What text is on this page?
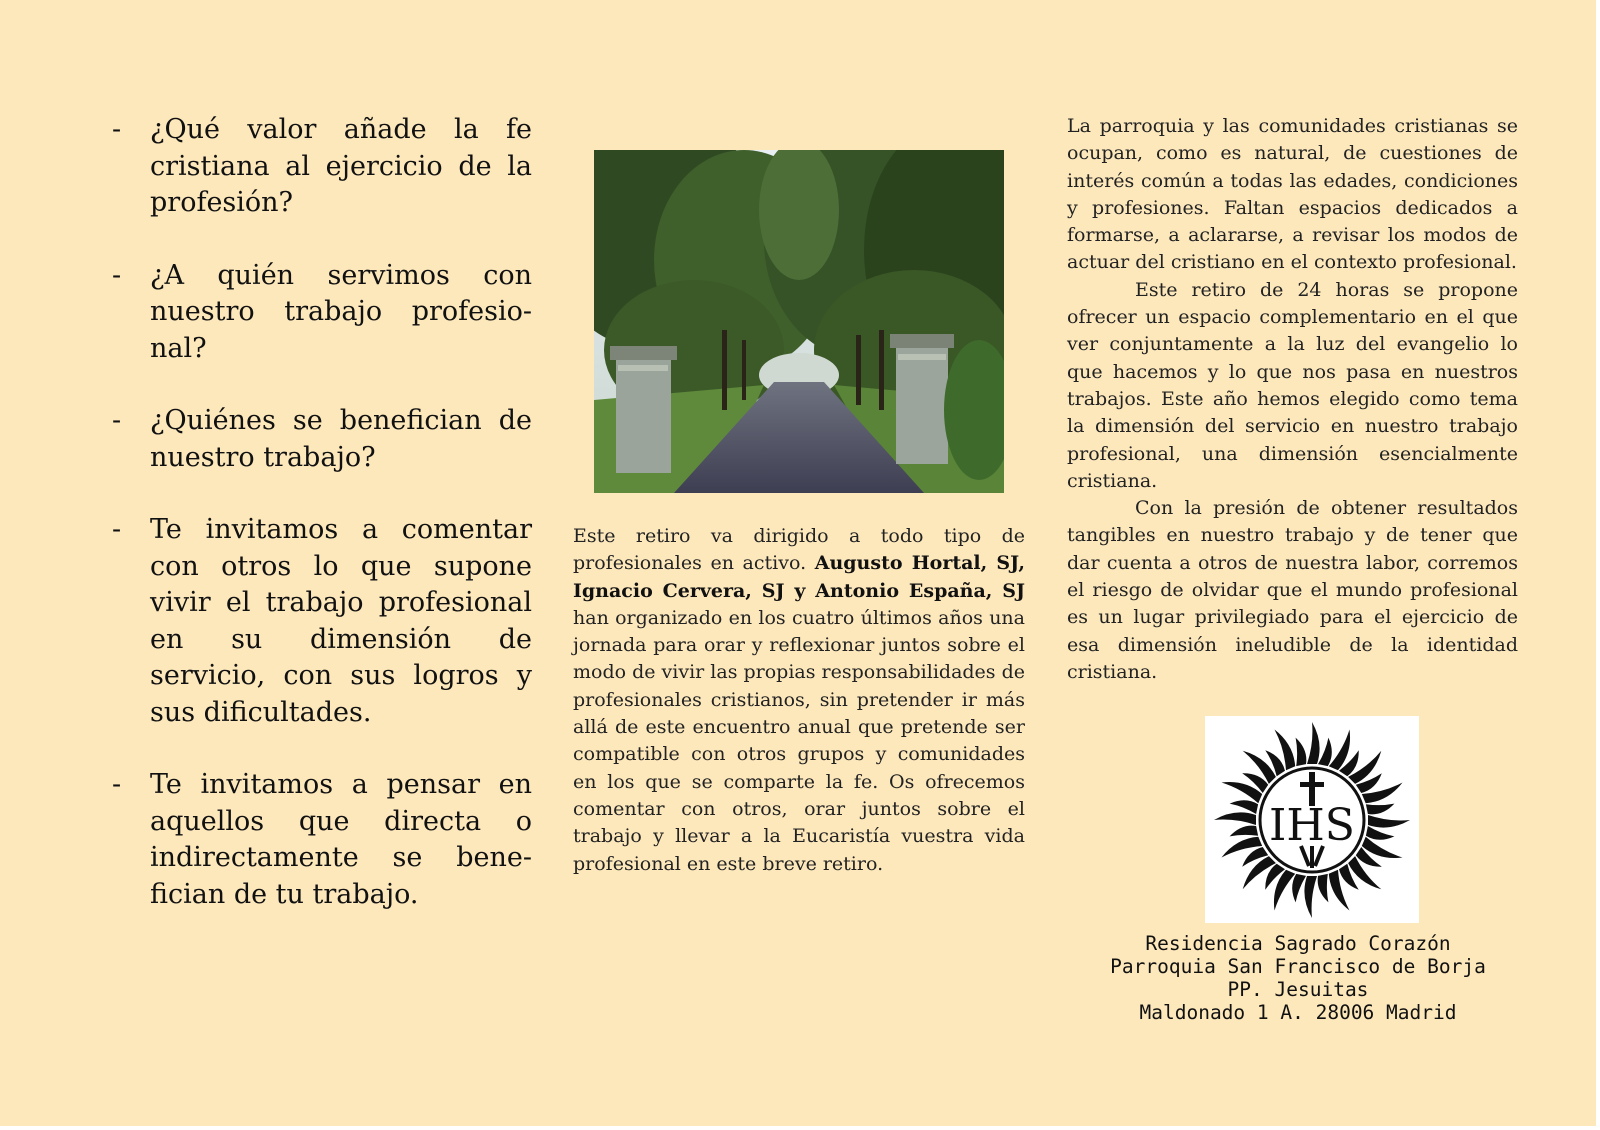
- ¿Qué valor añade la fe cristiana al ejercicio de la profesión?
- ¿A quién servimos con nuestro trabajo profesio-nal?
- ¿Quiénes se benefician de nuestro trabajo?
- Te invitamos a comentar con otros lo que supone vivir el trabajo profesional en su dimensión de servicio, con sus logros y sus dificultades.
- Te invitamos a pensar en aquellos que directa o indirectamente se bene-fician de tu trabajo.
Este retiro va dirigido a todo tipo de profesionales en activo. Augusto Hortal, SJ, Ignacio Cervera, SJ y Antonio España, SJ han organizado en los cuatro últimos años una jornada para orar y reflexionar juntos sobre el modo de vivir las propias responsabilidades de profesionales cristianos, sin pretender ir más allá de este encuentro anual que pretende ser compatible con otros grupos y comunidades en los que se comparte la fe. Os ofrecemos comentar con otros, orar juntos sobre el trabajo y llevar a la Eucaristía vuestra vida profesional en este breve retiro.

La parroquia y las comunidades cristianas se ocupan, como es natural, de cuestiones de interés común a todas las edades, condiciones y profesiones. Faltan espacios dedicados a formarse, a aclararse, a revisar los modos de actuar del cristiano en el contexto profesional.

Este retiro de 24 horas se propone ofrecer un espacio complementario en el que ver conjuntamente a la luz del evangelio lo que hacemos y lo que nos pasa en nuestros trabajos. Este año hemos elegido como tema la dimensión del servicio en nuestro trabajo profesional, una dimensión esencialmente cristiana.

Con la presión de obtener resultados tangibles en nuestro trabajo y de tener que dar cuenta a otros de nuestra labor, corremos el riesgo de olvidar que el mundo profesional es un lugar privilegiado para el ejercicio de esa dimensión ineludible de la identidad cristiana.

IHS
Residencia Sagrado Corazón
Parroquia San Francisco de Borja
PP. Jesuitas
Maldonado 1 A. 28006 Madrid
